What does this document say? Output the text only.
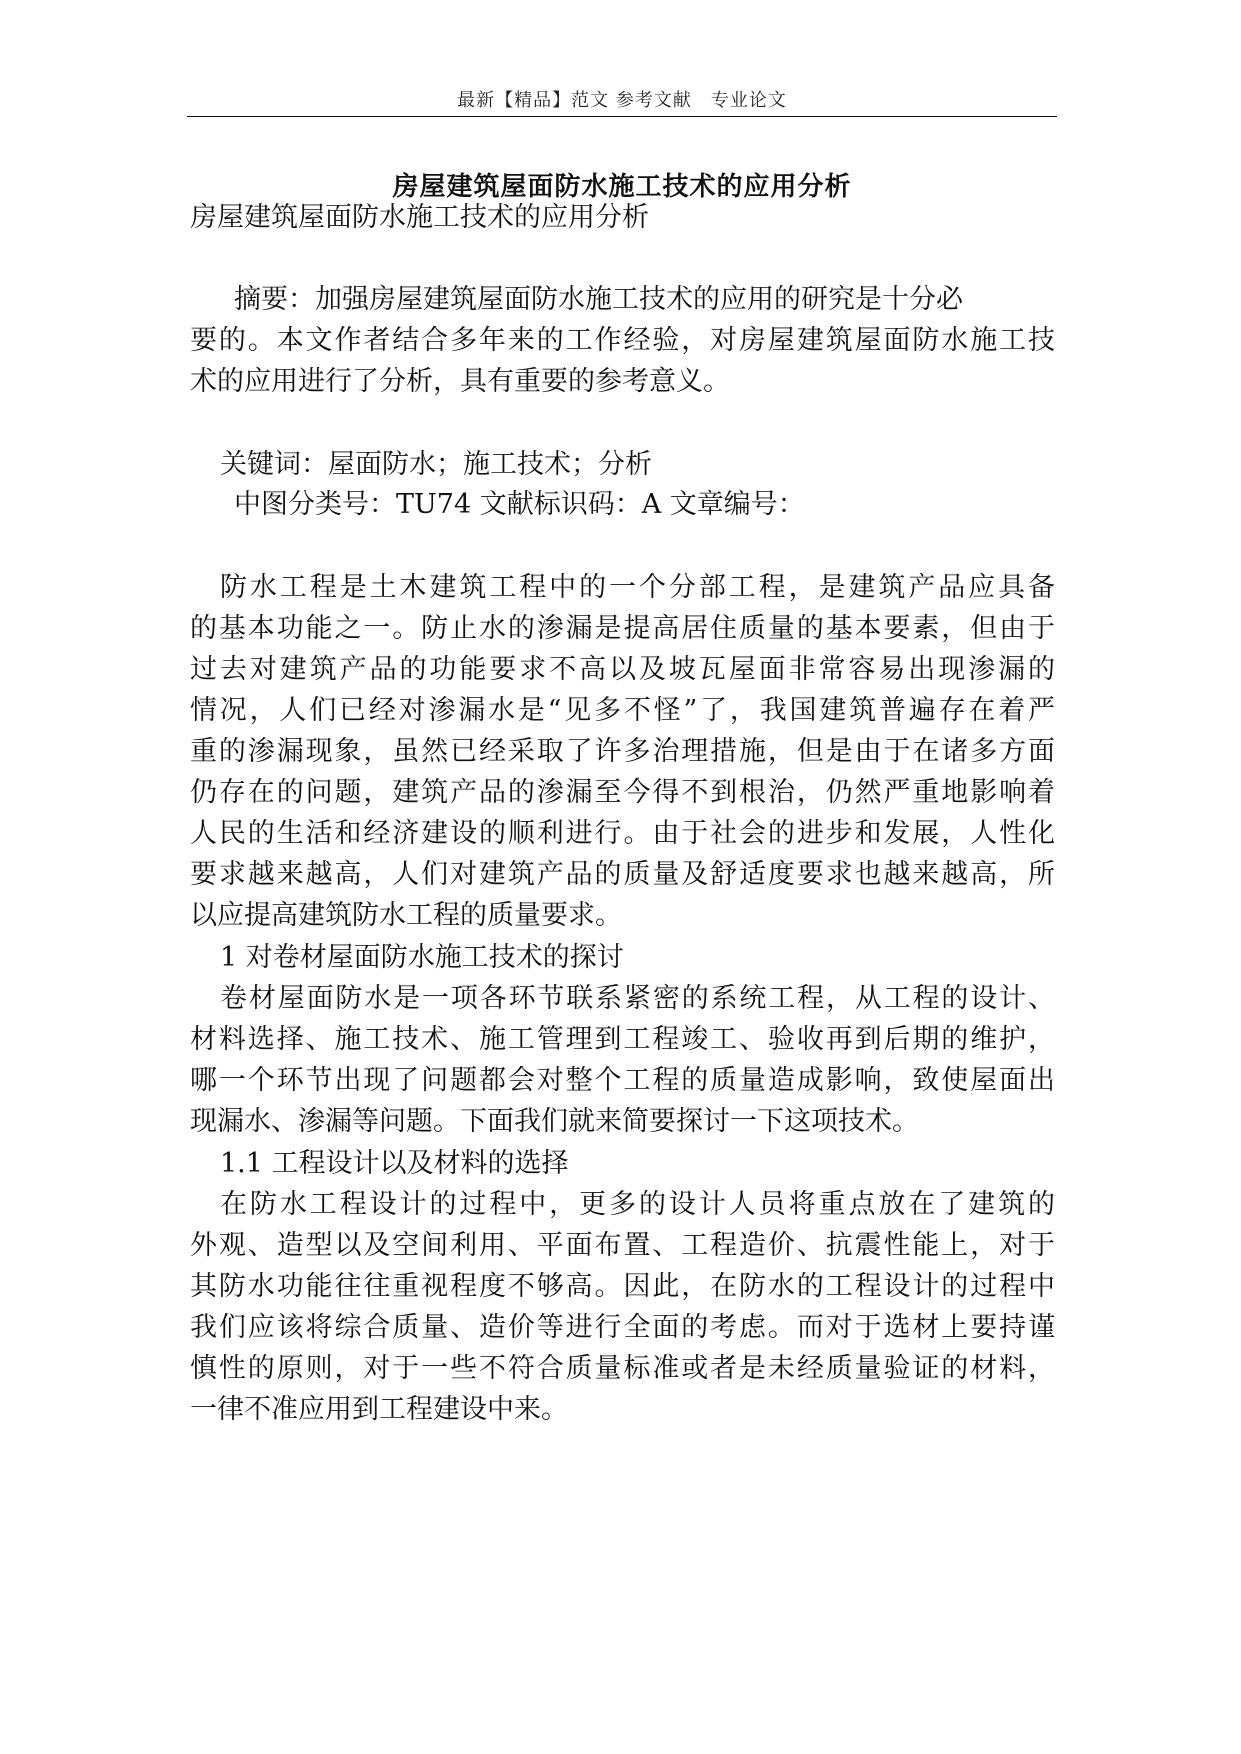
最新【精品】范文 参考文献　专业论文
房屋建筑屋面防水施工技术的应用分析
房屋建筑屋面防水施工技术的应用分析
摘要：加强房屋建筑屋面防水施工技术的应用的研究是十分必
要的。本文作者结合多年来的工作经验，对房屋建筑屋面防水施工技
术的应用进行了分析，具有重要的参考意义。
关键词：屋面防水；施工技术；分析
中图分类号：TU74 文献标识码：A 文章编号：
防水工程是土木建筑工程中的一个分部工程，是建筑产品应具备
的基本功能之一。防止水的渗漏是提高居住质量的基本要素，但由于
过去对建筑产品的功能要求不高以及坡瓦屋面非常容易出现渗漏的
情况，人们已经对渗漏水是“见多不怪”了，我国建筑普遍存在着严
重的渗漏现象，虽然已经采取了许多治理措施，但是由于在诸多方面
仍存在的问题，建筑产品的渗漏至今得不到根治，仍然严重地影响着
人民的生活和经济建设的顺利进行。由于社会的进步和发展，人性化
要求越来越高，人们对建筑产品的质量及舒适度要求也越来越高，所
以应提高建筑防水工程的质量要求。
1 对卷材屋面防水施工技术的探讨
卷材屋面防水是一项各环节联系紧密的系统工程，从工程的设计、
材料选择、施工技术、施工管理到工程竣工、验收再到后期的维护，
哪一个环节出现了问题都会对整个工程的质量造成影响，致使屋面出
现漏水、渗漏等问题。下面我们就来简要探讨一下这项技术。
1.1 工程设计以及材料的选择
在防水工程设计的过程中，更多的设计人员将重点放在了建筑的
外观、造型以及空间利用、平面布置、工程造价、抗震性能上，对于
其防水功能往往重视程度不够高。因此，在防水的工程设计的过程中
我们应该将综合质量、造价等进行全面的考虑。而对于选材上要持谨
慎性的原则，对于一些不符合质量标准或者是未经质量验证的材料，
一律不准应用到工程建设中来。
